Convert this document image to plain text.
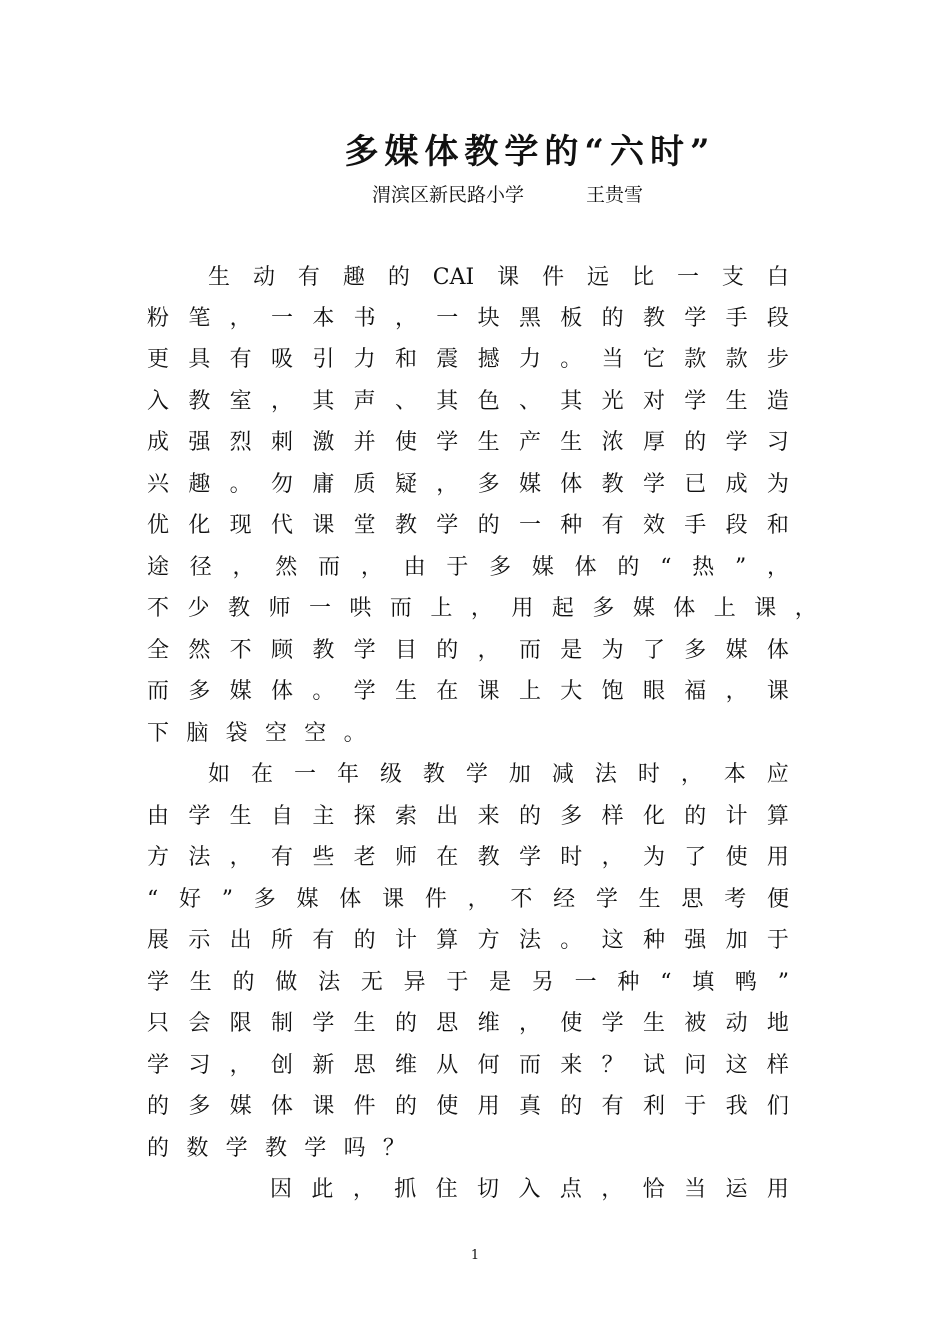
多媒体教学的“六时”
渭滨区新民路小学	王贵雪
生 动 有 趣 的 CAI 课 件 远 比 一 支 白
粉 笔 ， 一 本 书 ， 一 块 黑 板 的 教 学 手 段
更 具 有 吸 引 力 和 震 撼 力 。 当 它 款 款 步
入 教 室 ， 其 声 、 其 色 、 其 光 对 学 生 造
成 强 烈 刺 激 并 使 学 生 产 生 浓 厚 的 学 习
兴 趣 。 勿 庸 质 疑 ， 多 媒 体 教 学 已 成 为
优 化 现 代 课 堂 教 学 的 一 种 有 效 手 段 和
途 径 ， 然 而 ， 由 于 多 媒 体 的 “ 热 ” ，
不 少 教 师 一 哄 而 上 ， 用 起 多 媒 体 上 课 ，
全 然 不 顾 教 学 目 的 ， 而 是 为 了 多 媒 体
而 多 媒 体 。 学 生 在 课 上 大 饱 眼 福 ， 课
下 脑 袋 空 空 。
如 在 一 年 级 教 学 加 减 法 时 ， 本 应
由 学 生 自 主 探 索 出 来 的 多 样 化 的 计 算
方 法 ， 有 些 老 师 在 教 学 时 ， 为 了 使 用
“ 好 ” 多 媒 体 课 件 ， 不 经 学 生 思 考 便
展 示 出 所 有 的 计 算 方 法 。 这 种 强 加 于
学 生 的 做 法 无 异 于 是 另 一 种 “ 填 鸭 ”
只 会 限 制 学 生 的 思 维 ， 使 学 生 被 动 地
学 习 ， 创 新 思 维 从 何 而 来 ？ 试 问 这 样
的 多 媒 体 课 件 的 使 用 真 的 有 利 于 我 们
的 数 学 教 学 吗 ？
因 此 ， 抓 住 切 入 点 ， 恰 当 运 用
1
